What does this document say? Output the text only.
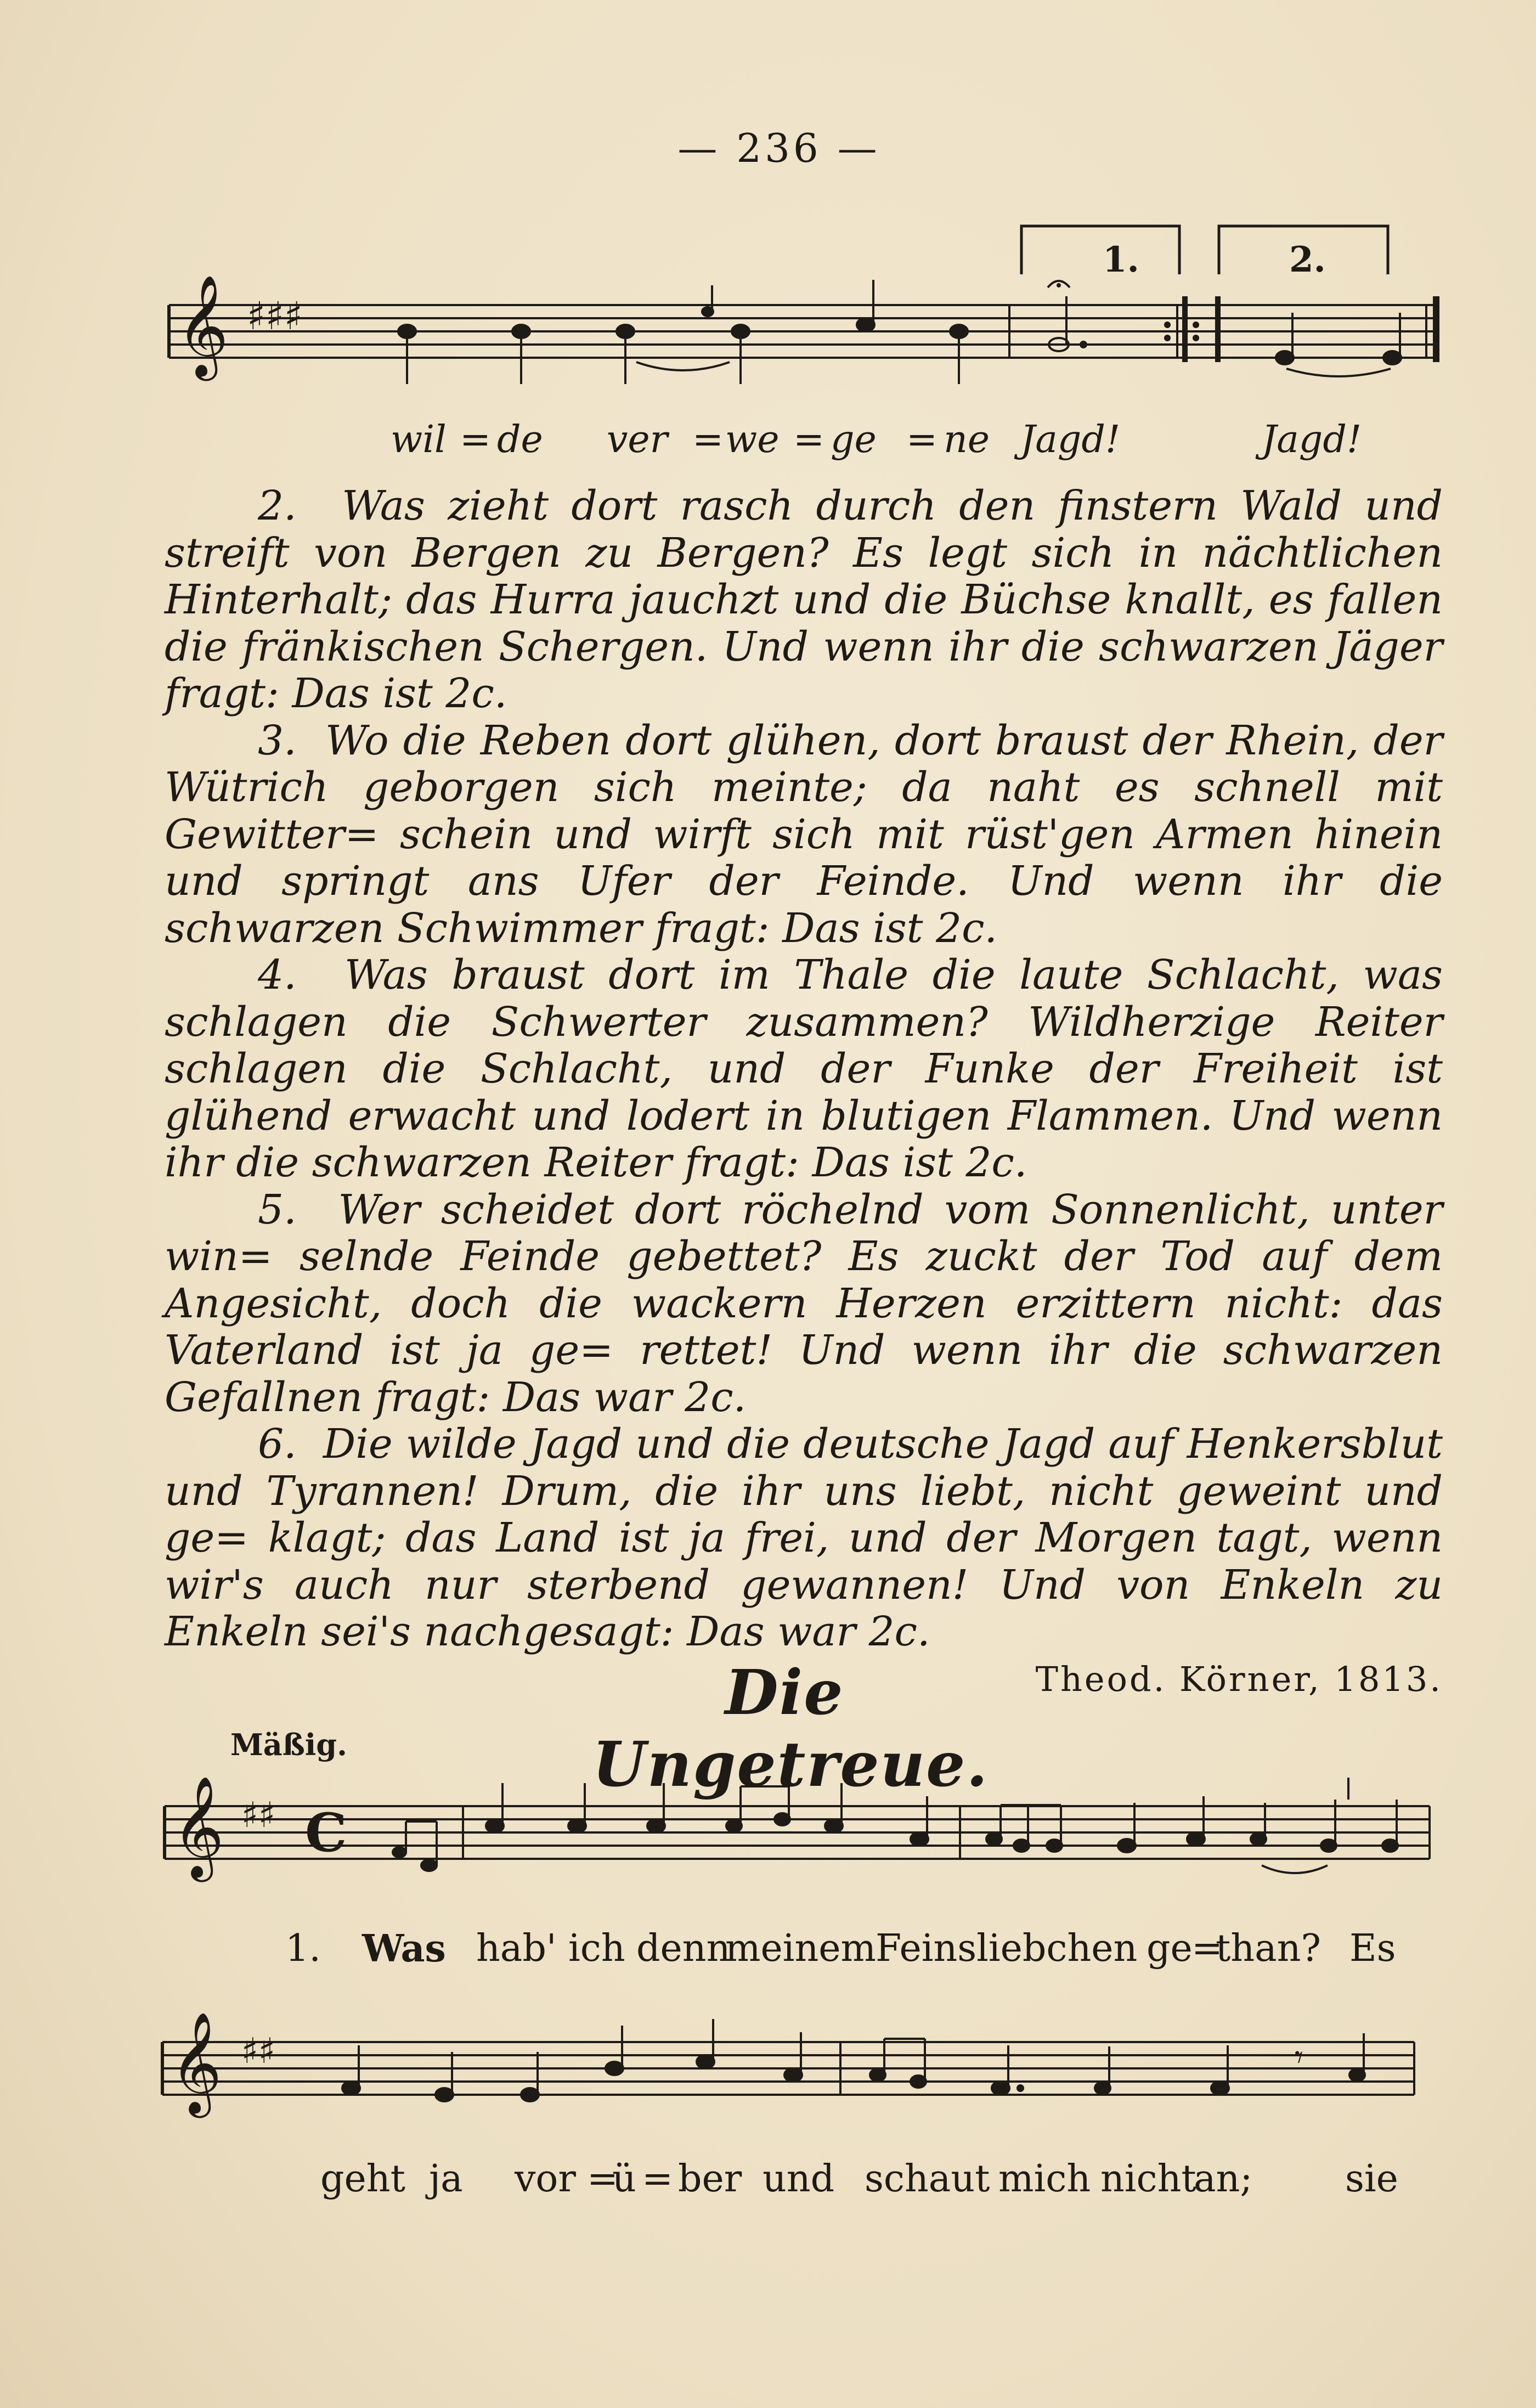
— 236 —
𝄞 ♯♯♯
1.	2.
wil = de ver = we = ge = ne Jagd!	Jagd!

2. Was zieht dort rasch durch den finstern Wald und streift von Bergen zu Bergen? Es legt sich in nächtlichen Hinterhalt; das Hurra jauchzt und die Büchse knallt, es fallen die fränkischen Schergen. Und wenn ihr die schwarzen Jäger fragt: Das ist 2c.

3. Wo die Reben dort glühen, dort braust der Rhein, der Wütrich geborgen sich meinte; da naht es schnell mit Gewitter= schein und wirft sich mit rüst'gen Armen hinein und springt ans Ufer der Feinde. Und wenn ihr die schwarzen Schwimmer fragt: Das ist 2c.

4. Was braust dort im Thale die laute Schlacht, was schlagen die Schwerter zusammen? Wildherzige Reiter schlagen die Schlacht, und der Funke der Freiheit ist glühend erwacht und lodert in blutigen Flammen. Und wenn ihr die schwarzen Reiter fragt: Das ist 2c.

5. Wer scheidet dort röchelnd vom Sonnenlicht, unter win= selnde Feinde gebettet? Es zuckt der Tod auf dem Angesicht, doch die wackern Herzen erzittern nicht: das Vaterland ist ja ge= rettet! Und wenn ihr die schwarzen Gefallnen fragt: Das war 2c.

6. Die wilde Jagd und die deutsche Jagd auf Henkersblut und Tyrannen! Drum, die ihr uns liebt, nicht geweint und ge= klagt; das Land ist ja frei, und der Morgen tagt, wenn wir's auch nur sterbend gewannen! Und von Enkeln zu Enkeln sei's nachgesagt: Das war 2c.

Theod. Körner, 1813.
Die Ungetreue.
Mäßig.
𝄞 ♯♯ C
1. Was hab' ich denn
meinem Feinsliebchen ge
=
than? Es
𝄞 ♯♯	𝄾
geht ja vor =
ü = ber und schaut mich nicht
an; sie
